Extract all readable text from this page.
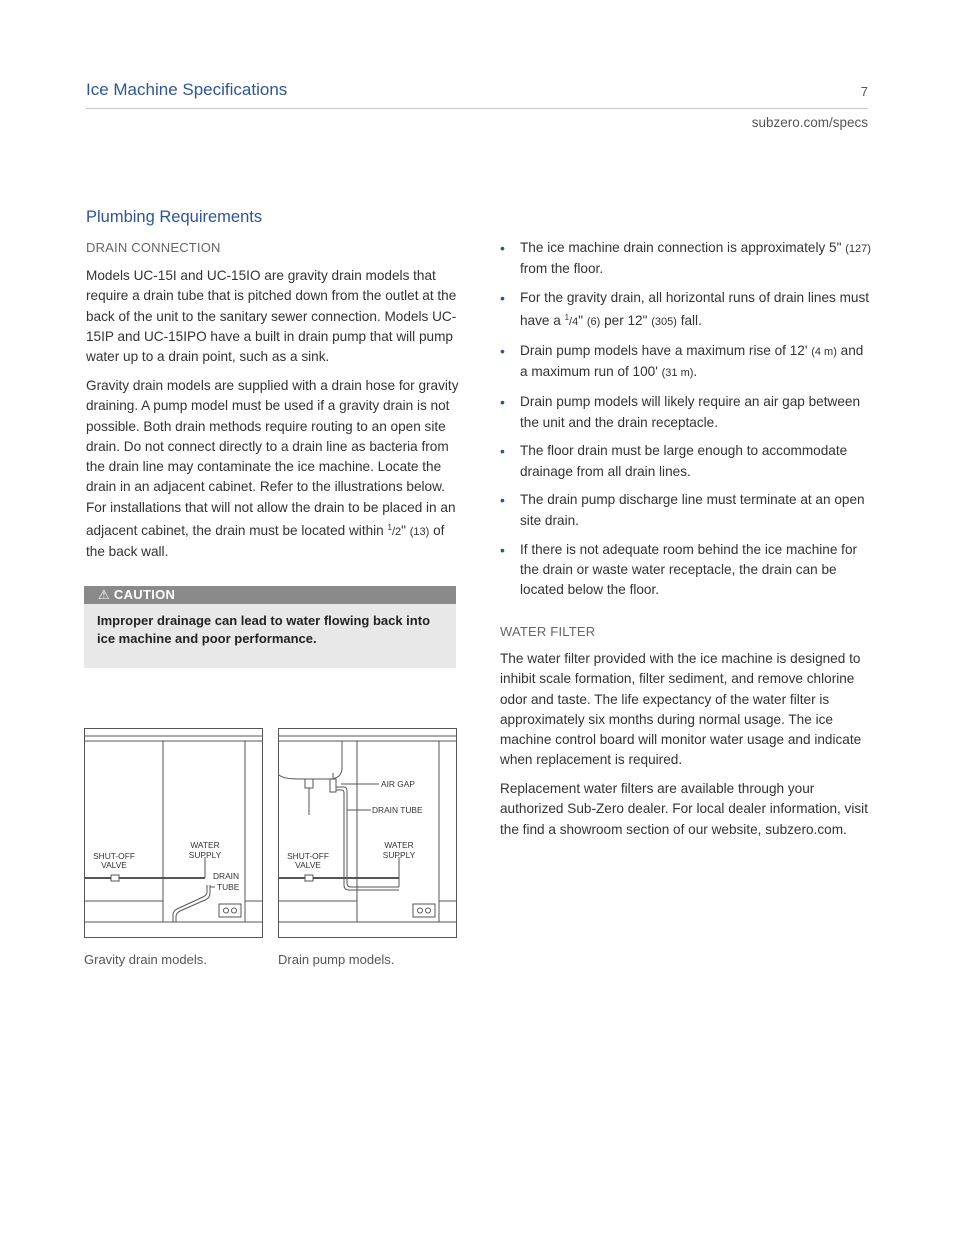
Ice Machine Specifications	7
subzero.com/specs
Plumbing Requirements
DRAIN CONNECTION

Models UC-15I and UC-15IO are gravity drain models that require a drain tube that is pitched down from the outlet at the back of the unit to the sanitary sewer connection. Models UC-15IP and UC-15IPO have a built in drain pump that will pump water up to a drain point, such as a sink.

Gravity drain models are supplied with a drain hose for gravity draining. A pump model must be used if a gravity drain is not possible. Both drain methods require routing to an open site drain. Do not connect directly to a drain line as bacteria from the drain line may contaminate the ice machine. Locate the drain in an adjacent cabinet. Refer to the illustrations below. For installations that will not allow the drain to be placed in an adjacent cabinet, the drain must be located within $^1$/2" (13) of the back wall.

⚠ CAUTION
Improper drainage can lead to water flowing back into ice machine and poor performance.
SHUT-OFF
VALVE
WATER
SUPPLY
DRAIN
TUBE
Gravity drain models.
AIR GAP
DRAIN TUBE
SHUT-OFF
VALVE
WATER
SUPPLY
Drain pump models.
• The ice machine drain connection is approximately 5" (127) from the floor.
• For the gravity drain, all horizontal runs of drain lines must have a $^1$/4" (6) per 12" (305) fall.
• Drain pump models have a maximum rise of 12' (4 m) and a maximum run of 100' (31 m).
• Drain pump models will likely require an air gap between the unit and the drain receptacle.
• The floor drain must be large enough to accommodate drainage from all drain lines.
• The drain pump discharge line must terminate at an open site drain.
• If there is not adequate room behind the ice machine for the drain or waste water receptacle, the drain can be located below the floor.
WATER FILTER

The water filter provided with the ice machine is designed to inhibit scale formation, filter sediment, and remove chlorine odor and taste. The life expectancy of the water filter is approximately six months during normal usage. The ice machine control board will monitor water usage and indicate when replacement is required.

Replacement water filters are available through your authorized Sub-Zero dealer. For local dealer information, visit the find a showroom section of our website, subzero.com.
